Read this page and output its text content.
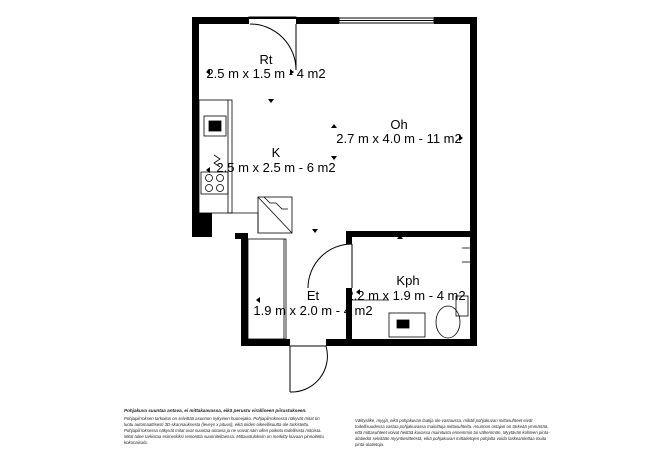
Rt
2.5 m x 1.5 m - 4 m2
Oh
2.7 m x 4.0 m - 11 m2
K
2.5 m x 2.5 m - 6 m2
Et
1.9 m x 2.0 m - 4 m2
Kph
2.2 m x 1.9 m - 4 m2
Pohjakuva suuntaa antava, ei mittakaavassa, eikä perustu viralliseen piirustukseen.
Pohjapiirroksen tarkoitus on selvittää asunnon nykyinen huonejako. Pohjapiirroksessa näkyvät mitat on luotu automaattisesti 3D-skannauksesta (leveys x pituus), eikä niiden oikeellisuutta ole tarkistettu. Pohjapiirroksessa näkyvät mitat ovat suuntaa-antavia ja ne voivat näin ollen poiketa todellisista mitoista. Mitat tulee tarkistaa esimerkiksi remonttia suunniteltaessa. Mittaustuloksiin on merkitty kuvaan pinnoitettu kokonaisala.
Välityslike, myyjä, eikä pohjakuvan laatija ole vastuussa, mikäli pohjakuvan mittasuhteet eivät todellisuudessa vastaa pohjakuvassa mainittuja mittasuhteita. Asunnon ostajan on tärkeää ymmärtää, että mittasuhteet voivat heittää kuvassa mainitusta ennemmin tai vähemmän. Myytävän kohteen pinta-alatiedot selvitään myyntiesitteestä, eikä pohjakuvan mittatietojen pohjalta voida laskea/olettaa muita pinta-alatietoja.
